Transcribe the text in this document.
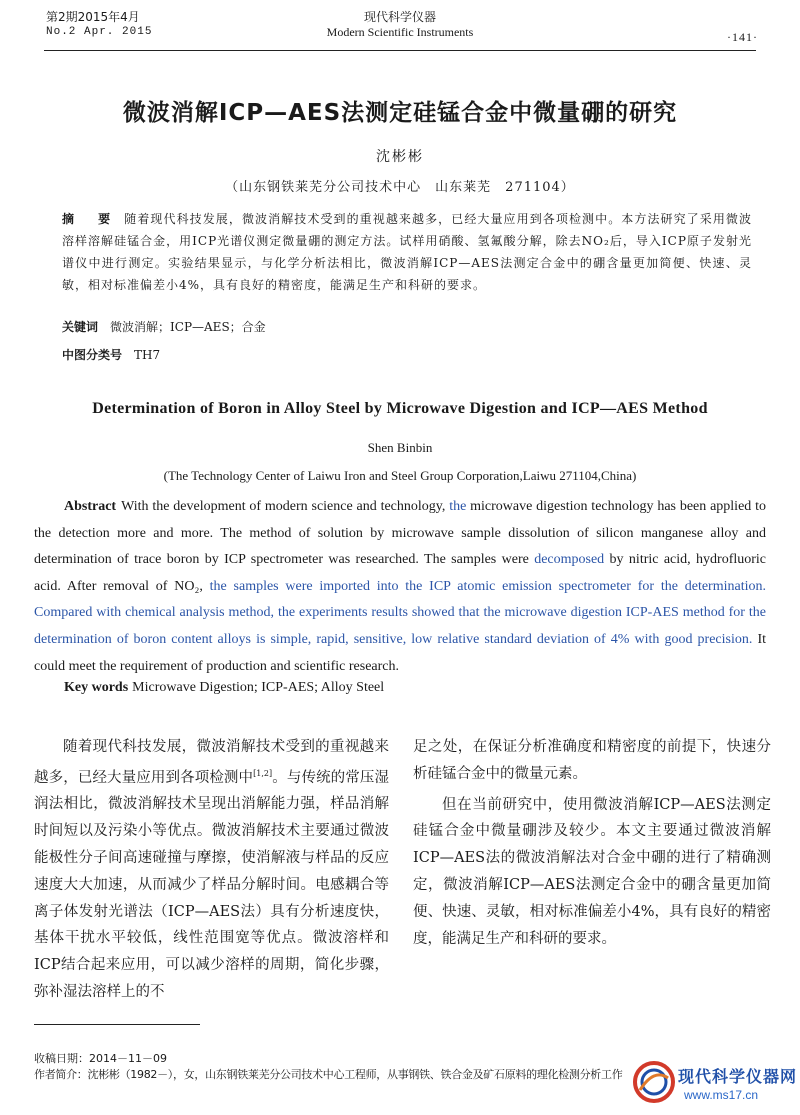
第2期2015年4月
No.2 Apr. 2015
现代科学仪器
Modern Scientific Instruments	·141·
微波消解ICP—AES法测定硅锰合金中微量硼的研究
沈彬彬
（山东钢铁莱芜分公司技术中心　山东莱芜　271104）
摘　要 随着现代科技发展，微波消解技术受到的重视越来越多，已经大量应用到各项检测中。本方法研究了采用微波溶样溶解硅锰合金，用ICP光谱仪测定微量硼的测定方法。试样用硝酸、氢氟酸分解，除去NO₂后，导入ICP原子发射光谱仪中进行测定。实验结果显示，与化学分析法相比，微波消解ICP—AES法测定合金中的硼含量更加简便、快速、灵敏，相对标准偏差小4%，具有良好的精密度，能满足生产和科研的要求。
关键词 微波消解；ICP—AES；合金
中图分类号 TH7
Determination of Boron in Alloy Steel by Microwave Digestion and ICP—AES Method
Shen Binbin
(The Technology Center of Laiwu Iron and Steel Group Corporation,Laiwu 271104,China)
Abstract With the development of modern science and technology, the microwave digestion technology has been applied to the detection more and more. The method of solution by microwave sample dissolution of silicon manganese alloy and determination of trace boron by ICP spectrometer was researched. The samples were decomposed by nitric acid, hydrofluoric acid. After removal of NO₂, the samples were imported into the ICP atomic emission spectrometer for the determination. Compared with chemical analysis method, the experiments results showed that the microwave digestion ICP-AES method for the determination of boron content alloys is simple, rapid, sensitive, low relative standard deviation of 4% with good precision. It could meet the requirement of production and scientific research.
Key words Microwave Digestion; ICP-AES; Alloy Steel

随着现代科技发展，微波消解技术受到的重视越来越多，已经大量应用到各项检测中[1,2]。与传统的常压湿润法相比，微波消解技术呈现出消解能力强，样品消解时间短以及污染小等优点。微波消解技术主要通过微波能极性分子间高速碰撞与摩擦，使消解液与样品的反应速度大大加速，从而减少了样品分解时间。电感耦合等离子体发射光谱法（ICP—AES法）具有分析速度快，基体干扰水平较低，线性范围宽等优点。微波溶样和ICP结合起来应用，可以减少溶样的周期，简化步骤，弥补湿法溶样上的不

足之处，在保证分析准确度和精密度的前提下，快速分析硅锰合金中的微量元素。

但在当前研究中，使用微波消解ICP—AES法测定硅锰合金中微量硼涉及较少。本文主要通过微波消解ICP—AES法的微波消解法对合金中硼的进行了精确测定，微波消解ICP—AES法测定合金中的硼含量更加简便、快速、灵敏，相对标准偏差小4%，具有良好的精密度，能满足生产和科研的要求。

收稿日期：2014－11－09
作者简介：沈彬彬（1982－），女，山东钢铁莱芜分公司技术中心工程师，从事钢铁、铁合金及矿石原料的理化检测分析工作	现代科学仪器网
www.ms17.cn
